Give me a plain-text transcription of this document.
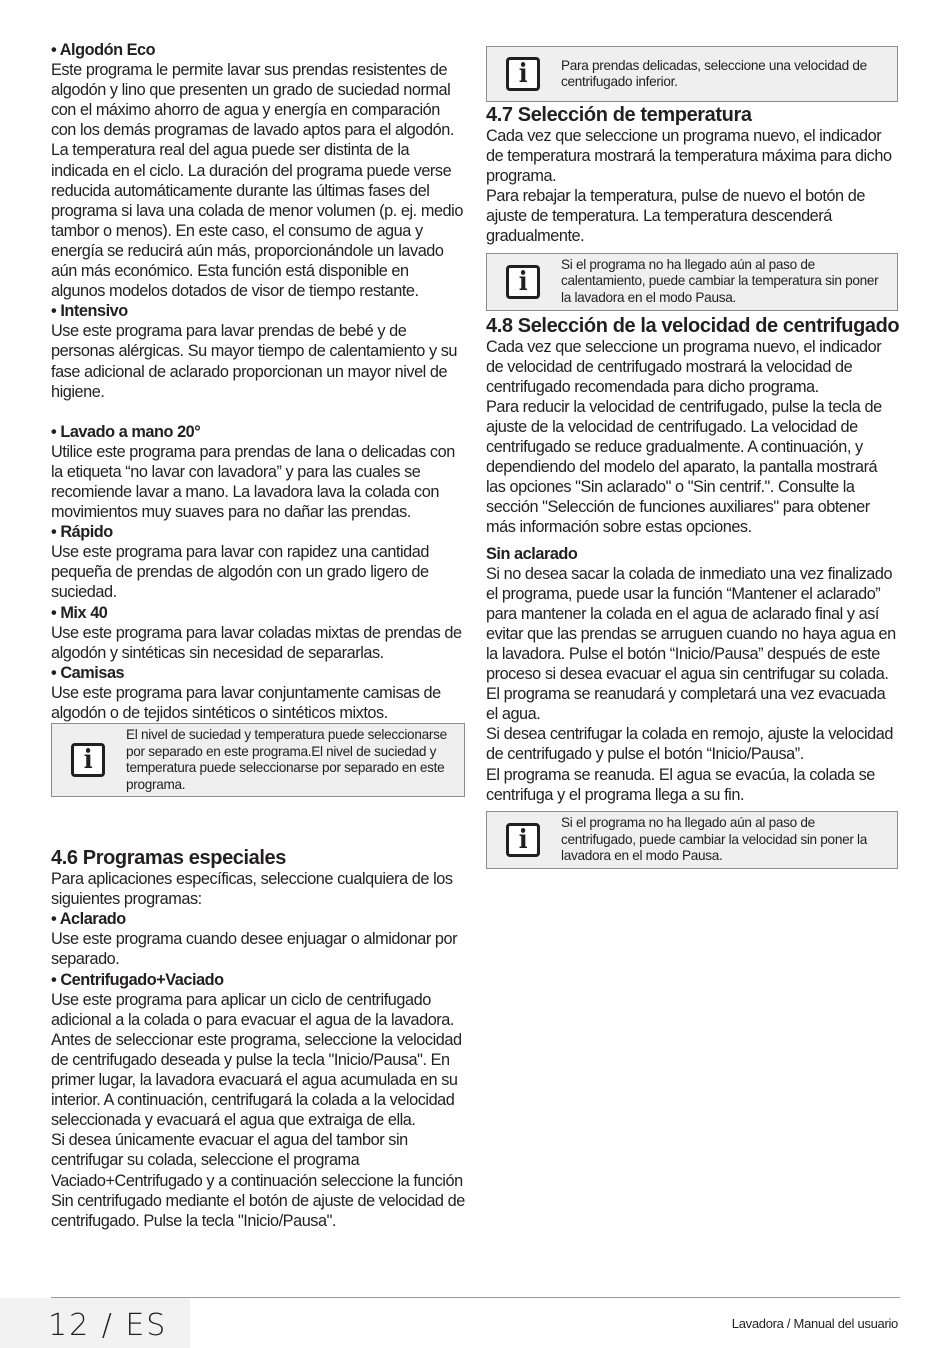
• Algodón Eco

Este programa le permite lavar sus prendas resistentes de algodón y lino que presenten un grado de suciedad normal con el máximo ahorro de agua y energía en comparación con los demás programas de lavado aptos para el algodón. La temperatura real del agua puede ser distinta de la indicada en el ciclo. La duración del programa puede verse reducida automáticamente durante las últimas fases del programa si lava una colada de menor volumen (p. ej. medio tambor o menos). En este caso, el consumo de agua y energía se reducirá aún más, proporcionándole un lavado aún más económico. Esta función está disponible en algunos modelos dotados de visor de tiempo restante.

• Intensivo

Use este programa para lavar prendas de bebé y de personas alérgicas. Su mayor tiempo de calentamiento y su fase adicional de aclarado proporcionan un mayor nivel de higiene.

• Lavado a mano 20°

Utilice este programa para prendas de lana o delicadas con la etiqueta “no lavar con lavadora” y para las cuales se recomiende lavar a mano. La lavadora lava la colada con movimientos muy suaves para no dañar las prendas.

• Rápido

Use este programa para lavar con rapidez una cantidad pequeña de prendas de algodón con un grado ligero de suciedad.

• Mix 40

Use este programa para lavar coladas mixtas de prendas de algodón y sintéticas sin necesidad de separarlas.

• Camisas

Use este programa para lavar conjuntamente camisas de algodón o de tejidos sintéticos o sintéticos mixtos.

i
El nivel de suciedad y temperatura puede seleccionarse por separado en este programa.El nivel de suciedad y temperatura puede seleccionarse por separado en este programa.
4.6 Programas especiales

Para aplicaciones específicas, seleccione cualquiera de los siguientes programas:

• Aclarado

Use este programa cuando desee enjuagar o almidonar por separado.

• Centrifugado+Vaciado

Use este programa para aplicar un ciclo de centrifugado adicional a la colada o para evacuar el agua de la lavadora. Antes de seleccionar este programa, seleccione la velocidad de centrifugado deseada y pulse la tecla "Inicio/Pausa". En primer lugar, la lavadora evacuará el agua acumulada en su interior. A continuación, centrifugará la colada a la velocidad seleccionada y evacuará el agua que extraiga de ella.

Si desea únicamente evacuar el agua del tambor sin centrifugar su colada, seleccione el programa Vaciado+Centrifugado y a continuación seleccione la función Sin centrifugado mediante el botón de ajuste de velocidad de centrifugado. Pulse la tecla "Inicio/Pausa".

i Para prendas delicadas, seleccione una velocidad de centrifugado inferior.
4.7 Selección de temperatura

Cada vez que seleccione un programa nuevo, el indicador de temperatura mostrará la temperatura máxima para dicho programa.

Para rebajar la temperatura, pulse de nuevo el botón de ajuste de temperatura. La temperatura descenderá gradualmente.

i
Si el programa no ha llegado aún al paso de calentamiento, puede cambiar la temperatura sin poner la lavadora en el modo Pausa.
4.8 Selección de la velocidad de centrifugado

Cada vez que seleccione un programa nuevo, el indicador de velocidad de centrifugado mostrará la velocidad de centrifugado recomendada para dicho programa.

Para reducir la velocidad de centrifugado, pulse la tecla de ajuste de la velocidad de centrifugado. La velocidad de centrifugado se reduce gradualmente. A continuación, y dependiendo del modelo del aparato, la pantalla mostrará las opciones "Sin aclarado" o "Sin centrif.". Consulte la sección "Selección de funciones auxiliares" para obtener más información sobre estas opciones.

Sin aclarado

Si no desea sacar la colada de inmediato una vez finalizado el programa, puede usar la función “Mantener el aclarado” para mantener la colada en el agua de aclarado final y así evitar que las prendas se arruguen cuando no haya agua en la lavadora. Pulse el botón “Inicio/Pausa” después de este proceso si desea evacuar el agua sin centrifugar su colada. El programa se reanudará y completará una vez evacuada el agua.

Si desea centrifugar la colada en remojo, ajuste la velocidad de centrifugado y pulse el botón “Inicio/Pausa”.

El programa se reanuda. El agua se evacúa, la colada se centrifuga y el programa llega a su fin.

i
Si el programa no ha llegado aún al paso de centrifugado, puede cambiar la velocidad sin poner la lavadora en el modo Pausa.
12 / ES	Lavadora / Manual del usuario
